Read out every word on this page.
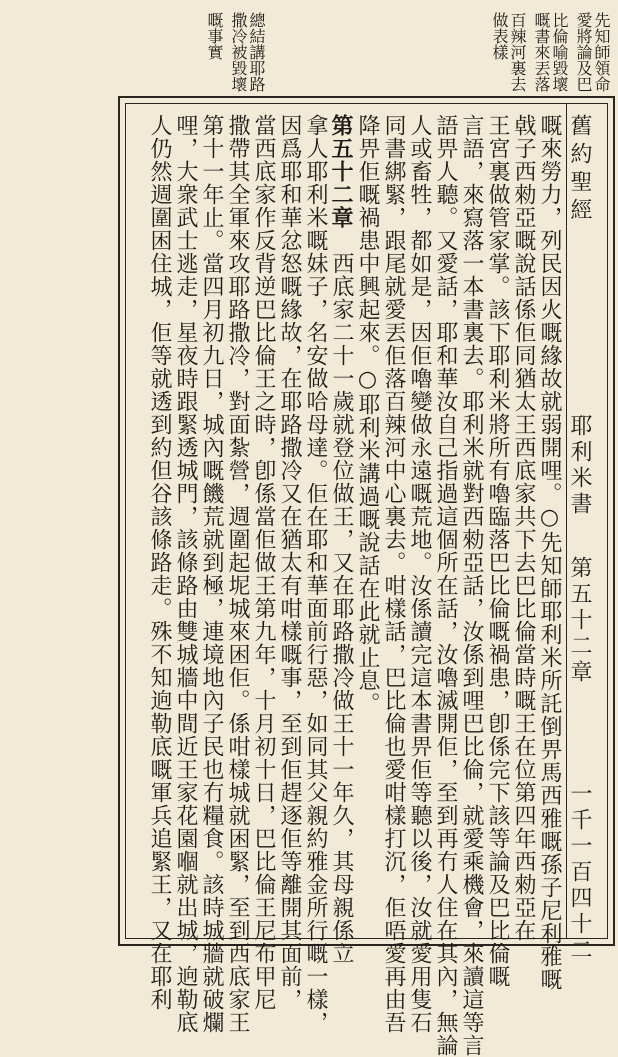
先知師領命
愛將論及巴
比倫喻毀壞
嘅書來丟落
百辣河裏去
做表樣
總結講耶路
撒冷被毀壞
嘅事實
舊約聖經
耶利米書
第五十二章
一千一百四十二
嘅來勞力，列民因火嘅緣故就弱開哩。○先知師耶利米所託倒畀馬西雅嘅孫子尼利雅嘅
㦸子西勑亞嘅說話係佢同猶太王西底家共下去巴比倫當時嘅王在位第四年西勑亞在
王宮裏做管家掌。該下耶利米將所有嚕臨落巴比倫嘅禍患，卽係完下該等論及巴比倫嘅
言語，來寫落一本書裏去。耶利米就對西勑亞話，汝係到哩巴比倫，就愛乘機會，來讀這等言
語畀人聽。又愛話，耶和華汝自己指過這個所在話，汝嚕滅開佢，至到再冇人住在其內，無論
人或畜牲，都如是，因佢嚕變做永遠嘅荒地。汝係讀完這本書畀佢等聽以後，汝就愛用隻石
同書綁緊，跟尾就愛丟佢落百辣河中心裏去。咁樣話，巴比倫也愛咁樣打沉，佢唔愛再由吾
降畀佢嘅禍患中興起來。○耶利米講過嘅說話在此就止息。
第五十二章　西底家二十一歲就登位做王，又在耶路撒冷做王十一年久，其母親係立
拿人耶利米嘅妹子，名安做哈母達。佢在耶和華面前行惡，如同其父親約雅金所行嘅一樣，
因爲耶和華忿怒嘅緣故，在耶路撒冷又在猶太有咁樣嘅事，至到佢趕逐佢等離開其面前，
當西底家作反背逆巴比倫王之時，卽係當佢做王第九年，十月初十日，巴比倫王尼布甲尼
撒帶其全軍來攻耶路撒冷，對面紮營，週圍起坭城來困佢。係咁樣城就困緊，至到西底家王
第十一年止。當四月初九日，城內嘅饑荒就到極，連境地內子民也冇糧食。該時城牆就破爛
哩，大衆武士逃走，星夜時跟緊透城門，該條路由雙城牆中間近王家花園嗰就出城，逈勒底
人仍然週圍困住城，佢等就透到約但谷該條路走。殊不知逈勒底嘅軍兵追緊王，又在耶利
